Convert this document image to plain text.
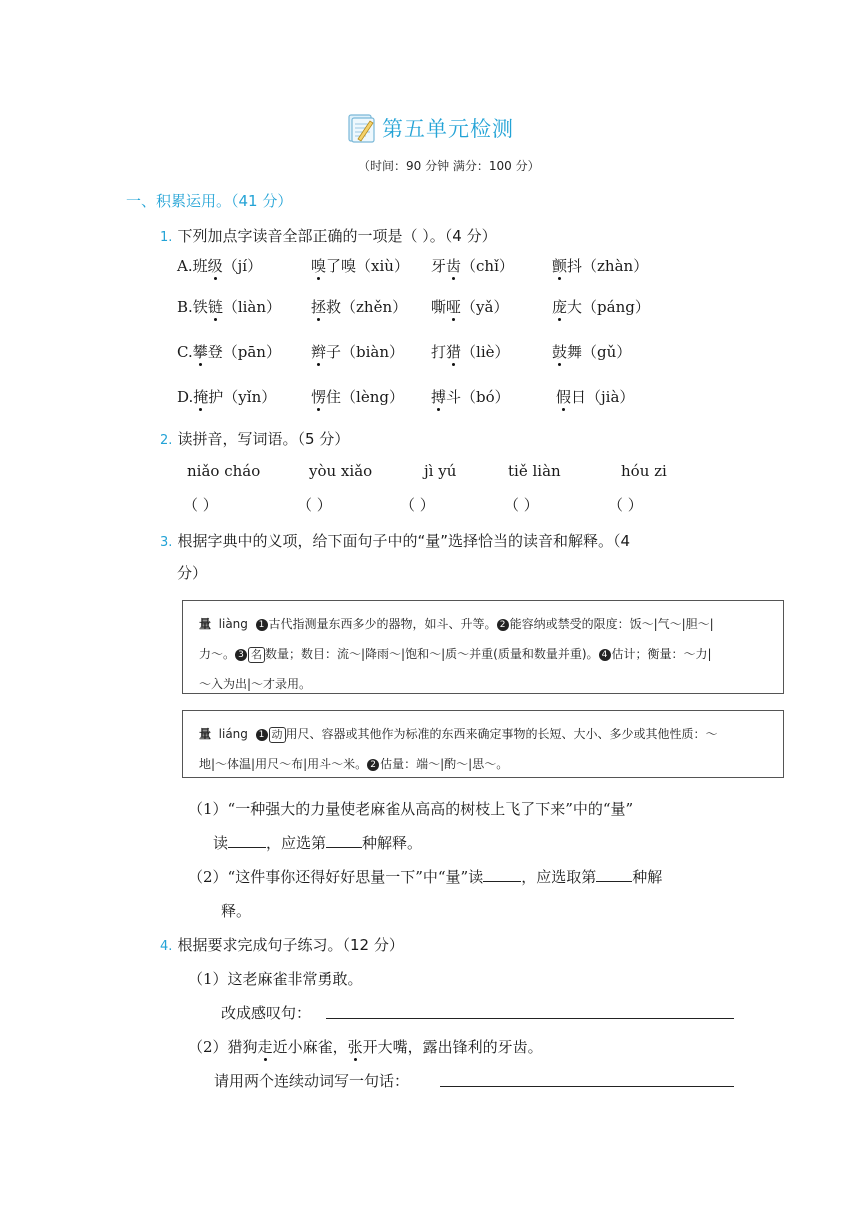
第五单元检测
（时间：90 分钟 满分：100 分）
一、积累运用。（41 分）
1. 下列加点字读音全部正确的一项是（ ）。（4 分）
A.班级（jí）	嗅了嗅（xiù） 牙齿（chǐ）	颤抖（zhàn）
B.铁链（liàn） 拯救（zhěn） 嘶哑（yǎ）	庞大（páng）
C.攀登（pān） 辫子（biàn） 打猎（liè）	鼓舞（gǔ）
D.掩护（yǐn） 愣住（lèng） 搏斗（bó）	假日（jià）
2. 读拼音，写词语。（5 分）
niǎo cháo	yòu xiǎo	jì yú	tiě liàn	hóu zi
（ ）	（ ）	（ ）	（ ）	（ ）
3. 根据字典中的义项，给下面句子中的“量”选择恰当的读音和解释。（4
分）
量 liàng 1 古代指测量东西多少的器物，如斗、升等。 2 能容纳或禁受的限度：饭～|气～|胆～|
力～。 3 名 数量；数目：流～|降雨～|饱和～|质～并重(质量和数量并重)。 4 估计；衡量：～力|
～入为出|～才录用。
量 liáng 1 动 用尺、容器或其他作为标准的东西来确定事物的长短、大小、多少或其他性质：～
地|～体温|用尺～布|用斗～米。 2 估量：端～|酌～|思～。
（1）“一种强大的力量使老麻雀从高高的树枝上飞了下来”中的“量”
读	，应选第 种解释。
（2）“这件事你还得好好思量一下”中“量”读	，应选取第 种解
释。
4. 根据要求完成句子练习。（12 分）
（1）这老麻雀非常勇敢。
改成感叹句：
（2）猎狗走近小麻雀，张开大嘴，露出锋利的牙齿。
请用两个连续动词写一句话：
